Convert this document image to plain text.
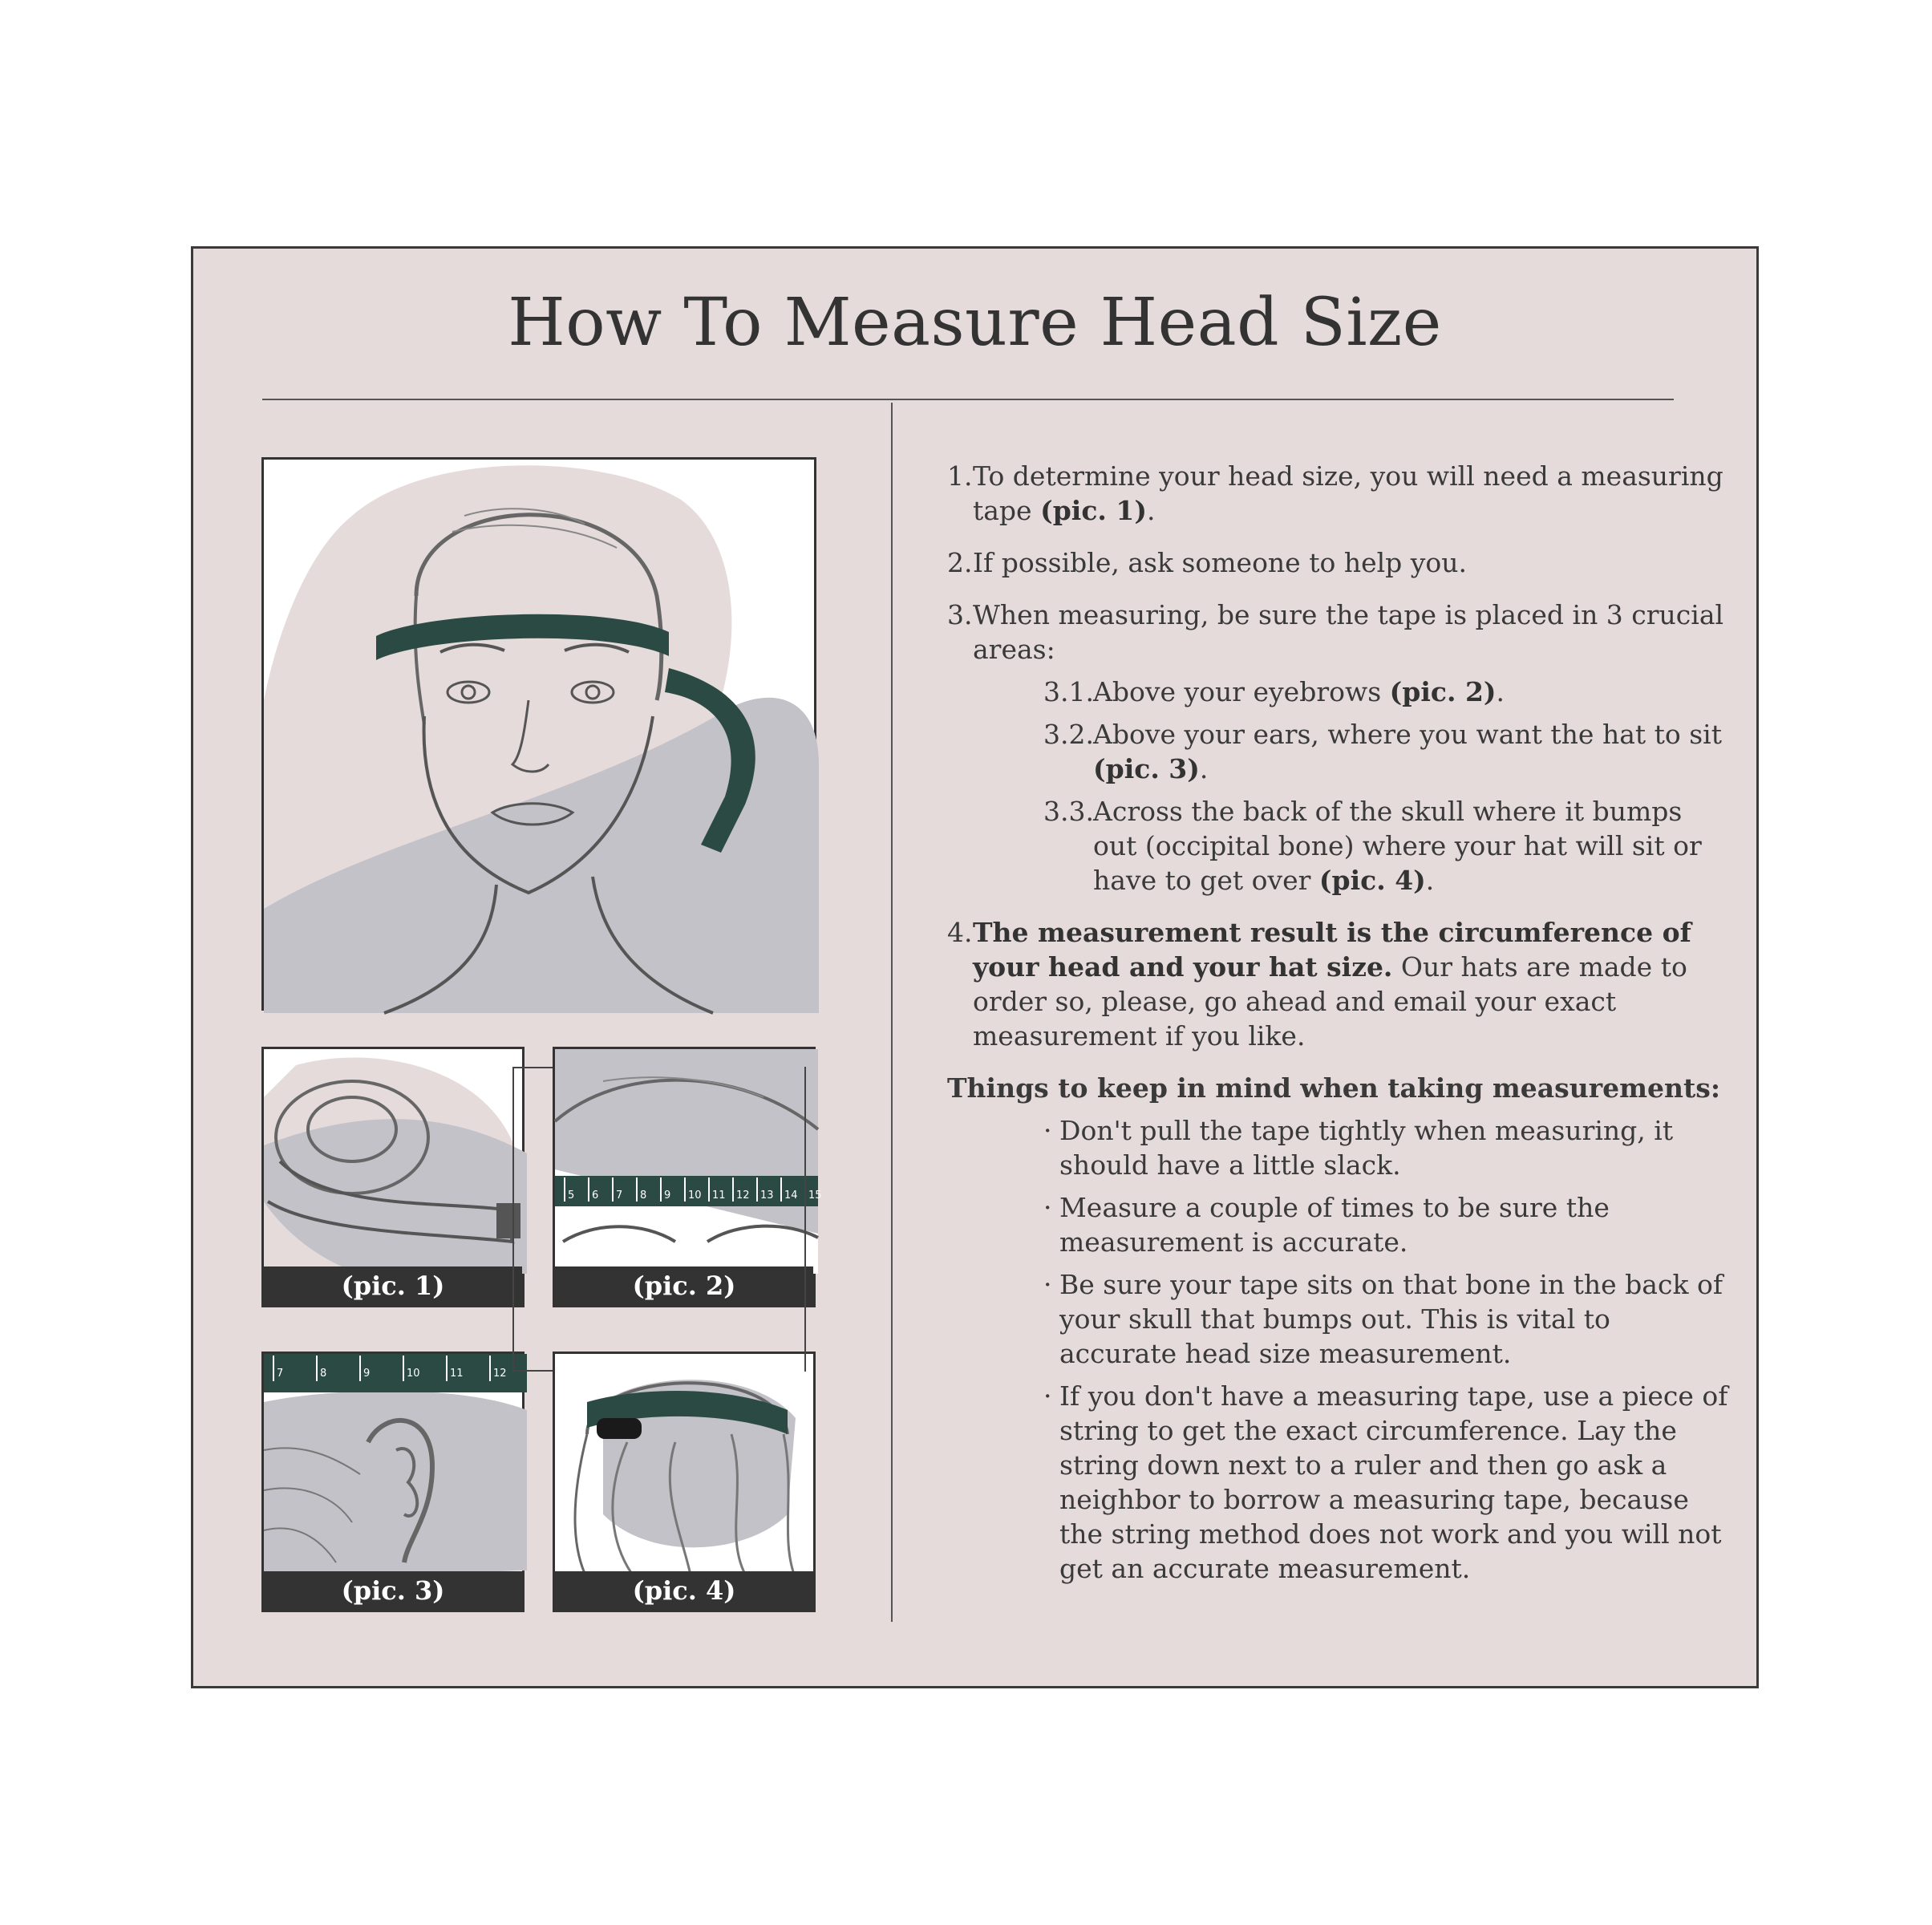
How To Measure Head Size
(pic. 1)
5 6 7 8 9 10 11 12 13 14 15
(pic. 2)
7	8	9	10	11	12
(pic. 3)	(pic. 4)
1. To determine your head size, you will need a measuring tape (pic. 1).
2. If possible, ask someone to help you.
3. When measuring, be sure the tape is placed in 3 crucial areas:
3.1. Above your eyebrows (pic. 2).
3.2. Above your ears, where you want the hat to sit (pic. 3).
3.3. Across the back of the skull where it bumps out (occipital bone) where your hat will sit or have to get over (pic. 4).
4. The measurement result is the circumference of your head and your hat size. Our hats are made to order so, please, go ahead and email your exact measurement if you like.
Things to keep in mind when taking measurements:
· Don't pull the tape tightly when measuring, it should have a little slack.
· Measure a couple of times to be sure the measurement is accurate.
· Be sure your tape sits on that bone in the back of your skull that bumps out. This is vital to accurate head size measurement.
· If you don't have a measuring tape, use a piece of string to get the exact circumference. Lay the string down next to a ruler and then go ask a neighbor to borrow a measuring tape, because the string method does not work and you will not get an accurate measurement.
